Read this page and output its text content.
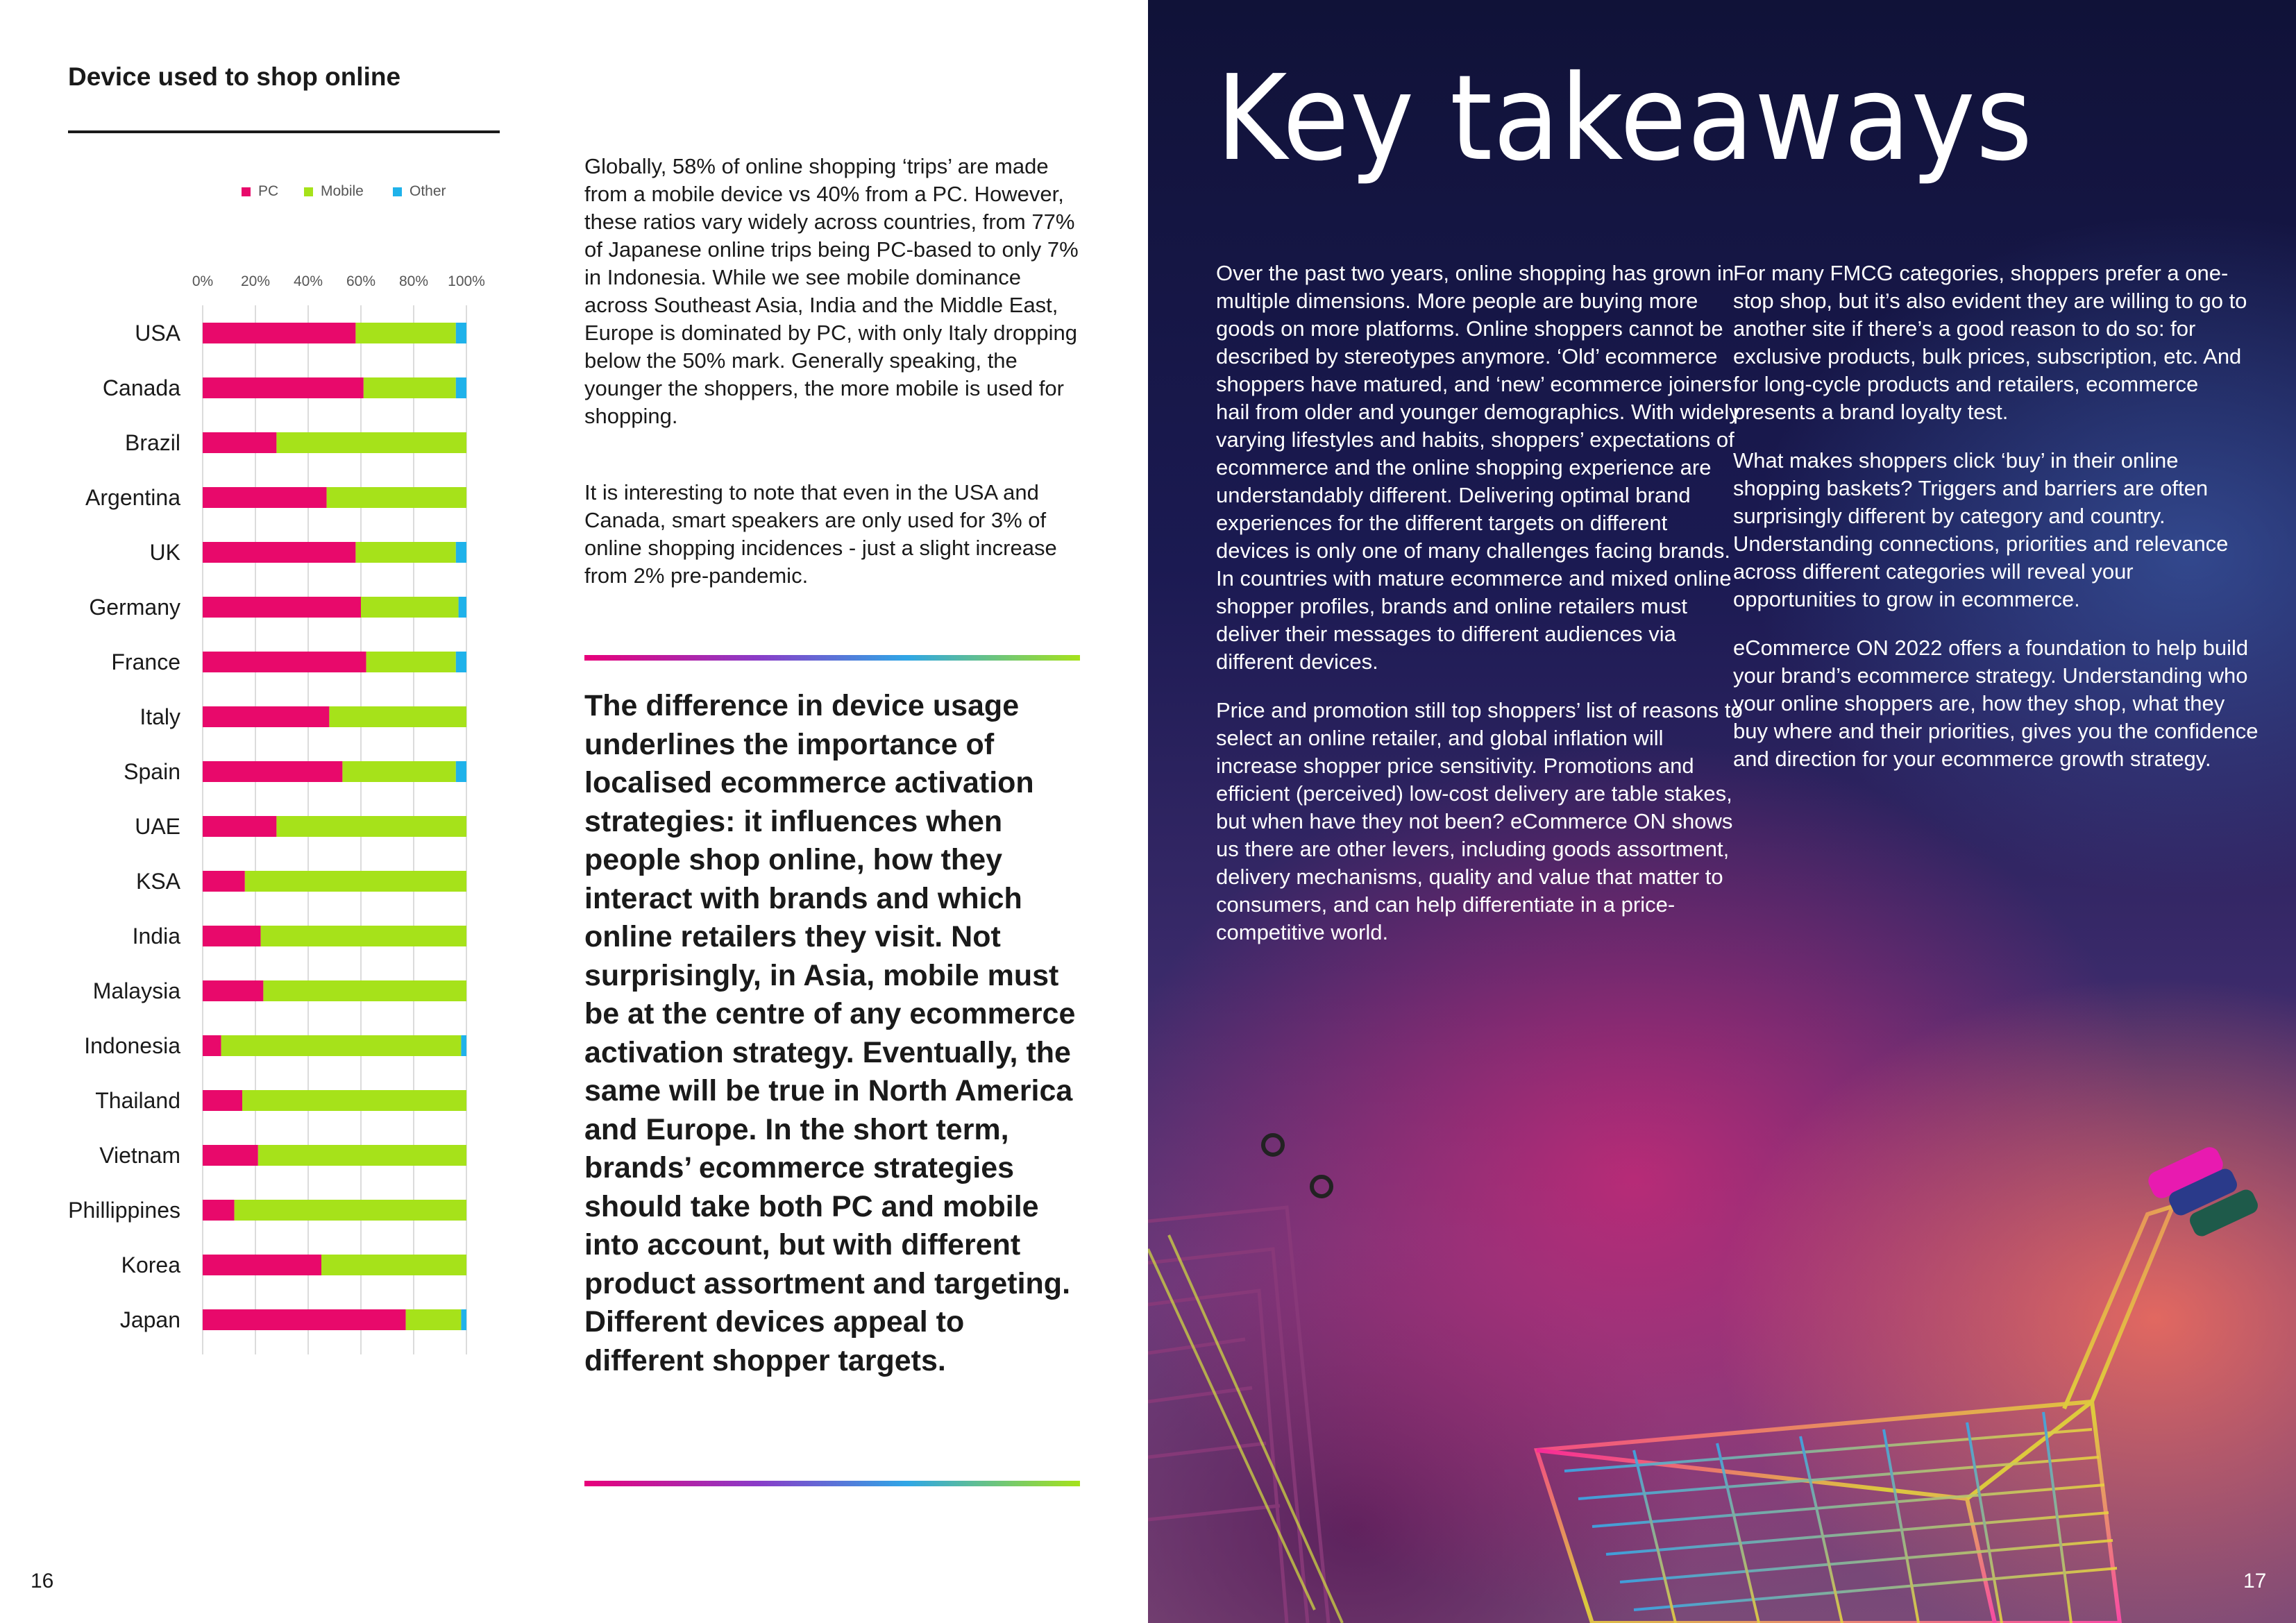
Device used to shop online
PC	Mobile	Other
0% 20% 40% 60% 80% 100%
USA
Canada
Brazil
Argentina
UK
Germany
France
Italy
Spain
UAE
KSA
India
Malaysia
Indonesia
Thailand
Vietnam
Phillippines
Korea
Japan
Globally, 58% of online shopping ‘trips’ are made from a mobile device vs 40% from a PC. However, these ratios vary widely across countries, from 77% of Japanese online trips being PC-based to only 7% in Indonesia. While we see mobile dominance across Southeast Asia, India and the Middle East, Europe is dominated by PC, with only Italy dropping below the 50% mark. Generally speaking, the younger the shoppers, the more mobile is used for shopping.
It is interesting to note that even in the USA and Canada, smart speakers are only used for 3% of online shopping incidences - just a slight increase from 2% pre-pandemic.
The difference in device usage underlines the importance of localised ecommerce activation strategies: it influences when people shop online, how they interact with brands and which online retailers they visit. Not surprisingly, in Asia, mobile must be at the centre of any ecommerce activation strategy. Eventually, the same will be true in North America and Europe. In the short term, brands’ ecommerce strategies should take both PC and mobile into account, but with different product assortment and targeting. Different devices appeal to different shopper targets.
16
Key takeaways

Over the past two years, online shopping has grown in multiple dimensions. More people are buying more goods on more platforms. Online shoppers cannot be described by stereotypes anymore. ‘Old’ ecommerce shoppers have matured, and ‘new’ ecommerce joiners hail from older and younger demographics. With widely varying lifestyles and habits, shoppers’ expectations of ecommerce and the online shopping experience are understandably different. Delivering optimal brand experiences for the different targets on different devices is only one of many challenges facing brands. In countries with mature ecommerce and mixed online shopper profiles, brands and online retailers must deliver their messages to different audiences via different devices.

Price and promotion still top shoppers’ list of reasons to select an online retailer, and global inflation will increase shopper price sensitivity. Promotions and efficient (perceived) low-cost delivery are table stakes, but when have they not been? eCommerce ON shows us there are other levers, including goods assortment, delivery mechanisms, quality and value that matter to consumers, and can help differentiate in a price-competitive world.

For many FMCG categories, shoppers prefer a one-stop shop, but it’s also evident they are willing to go to another site if there’s a good reason to do so: for exclusive products, bulk prices, subscription, etc. And for long-cycle products and retailers, ecommerce presents a brand loyalty test.

What makes shoppers click ‘buy’ in their online shopping baskets? Triggers and barriers are often surprisingly different by category and country. Understanding connections, priorities and relevance across different categories will reveal your opportunities to grow in ecommerce.

eCommerce ON 2022 offers a foundation to help build your brand’s ecommerce strategy. Understanding who your online shoppers are, how they shop, what they buy where and their priorities, gives you the confidence and direction for your ecommerce growth strategy.

17
